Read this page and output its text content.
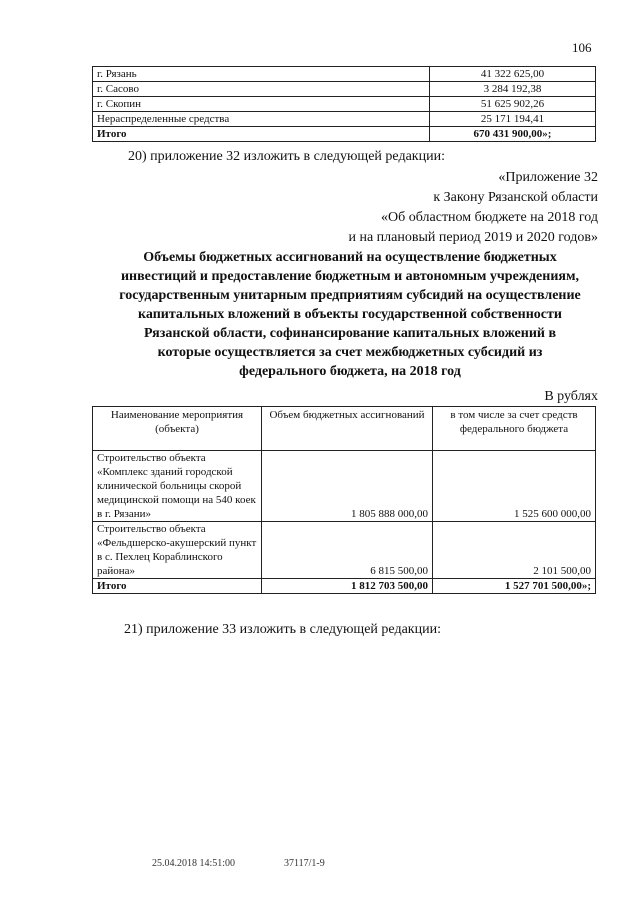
106
г. Рязань	41 322 625,00
г. Сасово	3 284 192,38
г. Скопин	51 625 902,26
Нераспределенные средства	25 171 194,41
Итого	670 431 900,00»;
20) приложение 32 изложить в следующей редакции:
«Приложение 32
к Закону Рязанской области
«Об областном бюджете на 2018 год
и на плановый период 2019 и 2020 годов»
Объемы бюджетных ассигнований на осуществление бюджетных
инвестиций и предоставление бюджетным и автономным учреждениям,
государственным унитарным предприятиям субсидий на осуществление
капитальных вложений в объекты государственной собственности
Рязанской области, софинансирование капитальных вложений в
которые осуществляется за счет межбюджетных субсидий из
федерального бюджета, на 2018 год
В рублях
Наименование мероприятия (объекта)	Объем бюджетных ассигнований	в том числе за счет средств федерального бюджета
Строительство объекта «Комплекс зданий городской клинической больницы скорой медицинской помощи на 540 коек в г. Рязани»	1 805 888 000,00	1 525 600 000,00
Строительство объекта «Фельдшерско-акушерский пункт в с. Пехлец Кораблинского района»	6 815 500,00	2 101 500,00
Итого	1 812 703 500,00	1 527 701 500,00»;
21) приложение 33 изложить в следующей редакции:
25.04.2018 14:51:00	37117/1-9
